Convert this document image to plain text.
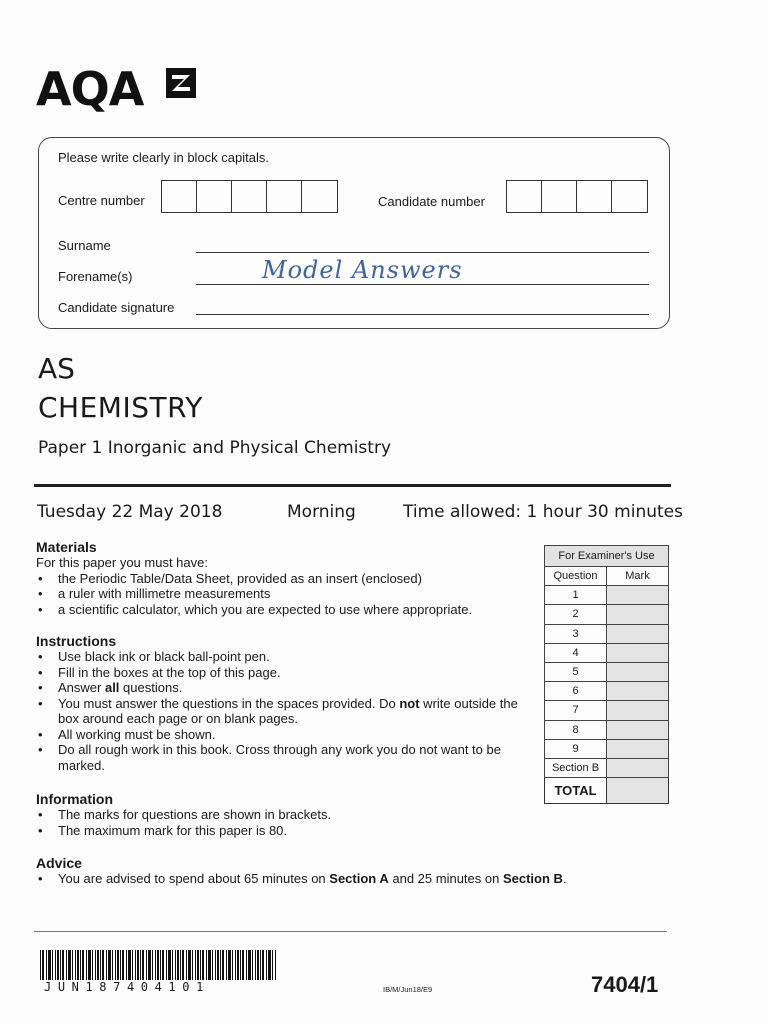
AQA
Please write clearly in block capitals.
Centre number	Candidate number
Surname
Forename(s)	Model Answers
Candidate signature
AS
CHEMISTRY
Paper 1 Inorganic and Physical Chemistry
Tuesday 22 May 2018	Morning	Time allowed: 1 hour 30 minutes
Materials
For this paper you must have:
• the Periodic Table/Data Sheet, provided as an insert (enclosed)
• a ruler with millimetre measurements
• a scientific calculator, which you are expected to use where appropriate.
Instructions
• Use black ink or black ball-point pen.
• Fill in the boxes at the top of this page.
• Answer all questions.
• You must answer the questions in the spaces provided. Do not write outside the box around each page or on blank pages.
• All working must be shown.
• Do all rough work in this book. Cross through any work you do not want to be marked.
Information
• The marks for questions are shown in brackets.
• The maximum mark for this paper is 80.
Advice
• You are advised to spend about 65 minutes on Section A and 25 minutes on Section B.
For Examiner's Use	
Question	Mark
1	
2	
3	
4	
5	
6	
7	
8	
9	
Section B	
TOTAL	
JUN187404101	IB/M/Jun18/E9	7404/1
